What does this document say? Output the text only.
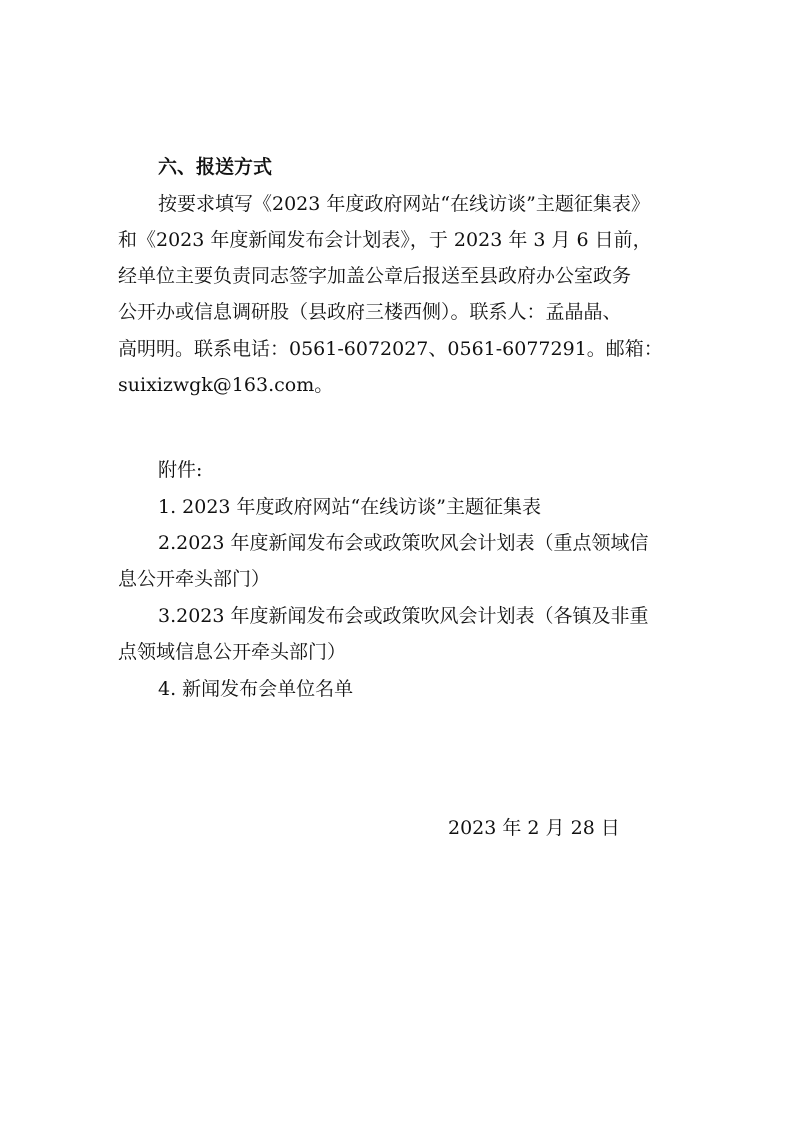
六、报送方式
按要求填写《2023 年度政府网站“在线访谈”主题征集表》
和《2023 年度新闻发布会计划表》，于 2023 年 3 月 6 日前，
经单位主要负责同志签字加盖公章后报送至县政府办公室政务
公开办或信息调研股（县政府三楼西侧）。联系人：孟晶晶、
高明明。联系电话：0561-6072027、0561-6077291。邮箱：
suixizwgk@163.com。
附件:
1. 2023 年度政府网站“在线访谈”主题征集表
2.2023 年度新闻发布会或政策吹风会计划表（重点领域信
息公开牵头部门）
3.2023 年度新闻发布会或政策吹风会计划表（各镇及非重
点领域信息公开牵头部门）
4. 新闻发布会单位名单
2023 年 2 月 28 日
